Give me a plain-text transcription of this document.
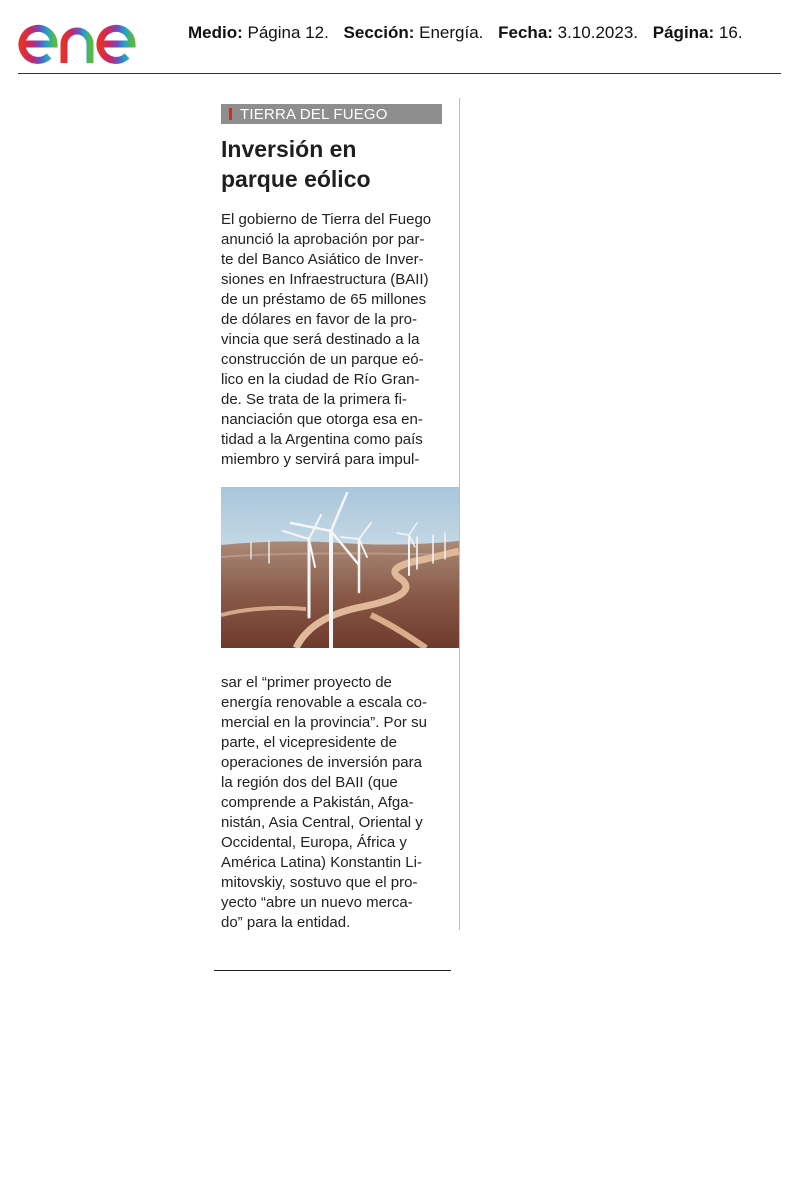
Medio: Página 12. Sección: Energía. Fecha: 3.10.2023. Página: 16.
TIERRA DEL FUEGO
Inversión en
parque eólico
El gobierno de Tierra del Fuego
anunció la aprobación por par-
te del Banco Asiático de Inver-
siones en Infraestructura (BAII)
de un préstamo de 65 millones
de dólares en favor de la pro-
vincia que será destinado a la
construcción de un parque eó-
lico en la ciudad de Río Gran-
de. Se trata de la primera fi-
nanciación que otorga esa en-
tidad a la Argentina como país
miembro y servirá para impul-
sar el “primer proyecto de
energía renovable a escala co-
mercial en la provincia”. Por su
parte, el vicepresidente de
operaciones de inversión para
la región dos del BAII (que
comprende a Pakistán, Afga-
nistán, Asia Central, Oriental y
Occidental, Europa, África y
América Latina) Konstantin Li-
mitovskiy, sostuvo que el pro-
yecto “abre un nuevo merca-
do” para la entidad.
